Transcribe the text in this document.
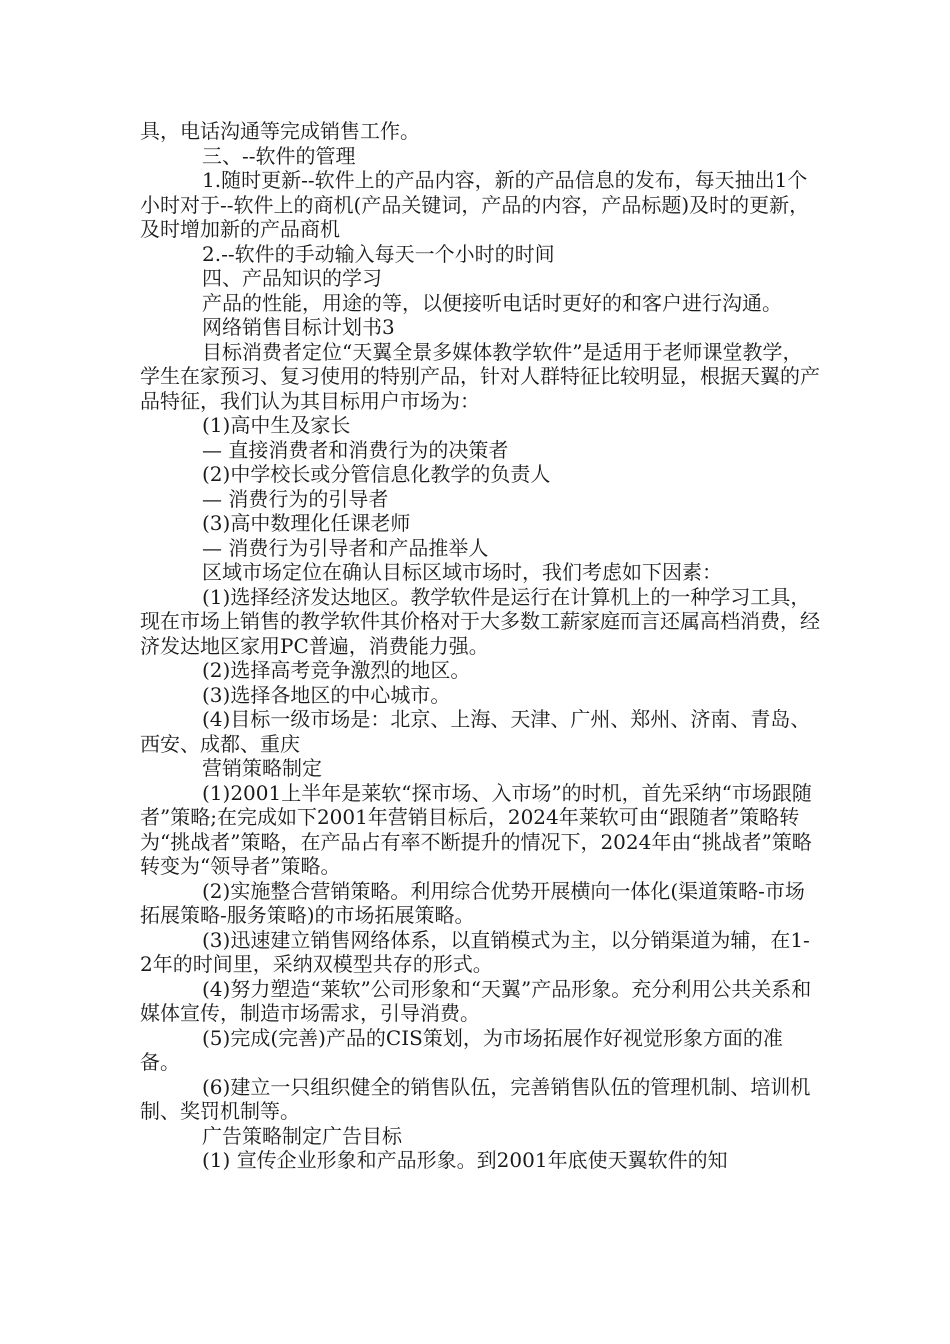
具，电话沟通等完成销售工作。

三、--软件的管理

1.随时更新--软件上的产品内容，新的产品信息的发布，每天抽出1个小时对于--软件上的商机(产品关键词，产品的内容，产品标题)及时的更新，及时增加新的产品商机

2.--软件的手动输入每天一个小时的时间

四、产品知识的学习

产品的性能，用途的等，以便接听电话时更好的和客户进行沟通。

网络销售目标计划书3

目标消费者定位“天翼全景多媒体教学软件”是适用于老师课堂教学，学生在家预习、复习使用的特别产品，针对人群特征比较明显，根据天翼的产品特征，我们认为其目标用户市场为：

(1)高中生及家长

— 直接消费者和消费行为的决策者

(2)中学校长或分管信息化教学的负责人

— 消费行为的引导者

(3)高中数理化任课老师

— 消费行为引导者和产品推举人

区域市场定位在确认目标区域市场时，我们考虑如下因素：

(1)选择经济发达地区。教学软件是运行在计算机上的一种学习工具，现在市场上销售的教学软件其价格对于大多数工薪家庭而言还属高档消费，经济发达地区家用PC普遍，消费能力强。

(2)选择高考竞争激烈的地区。

(3)选择各地区的中心城市。

(4)目标一级市场是：北京、上海、天津、广州、郑州、济南、青岛、西安、成都、重庆

营销策略制定

(1)2001上半年是莱软“探市场、入市场”的时机，首先采纳“市场跟随者”策略;在完成如下2001年营销目标后，2024年莱软可由“跟随者”策略转为“挑战者”策略，在产品占有率不断提升的情况下，2024年由“挑战者”策略转变为“领导者”策略。

(2)实施整合营销策略。利用综合优势开展横向一体化(渠道策略-市场拓展策略-服务策略)的市场拓展策略。

(3)迅速建立销售网络体系，以直销模式为主，以分销渠道为辅，在1-2年的时间里，采纳双模型共存的形式。

(4)努力塑造“莱软”公司形象和“天翼”产品形象。充分利用公共关系和媒体宣传，制造市场需求，引导消费。

(5)完成(完善)产品的CIS策划，为市场拓展作好视觉形象方面的准备。

(6)建立一只组织健全的销售队伍，完善销售队伍的管理机制、培训机制、奖罚机制等。

广告策略制定广告目标

(1) 宣传企业形象和产品形象。到2001年底使天翼软件的知
